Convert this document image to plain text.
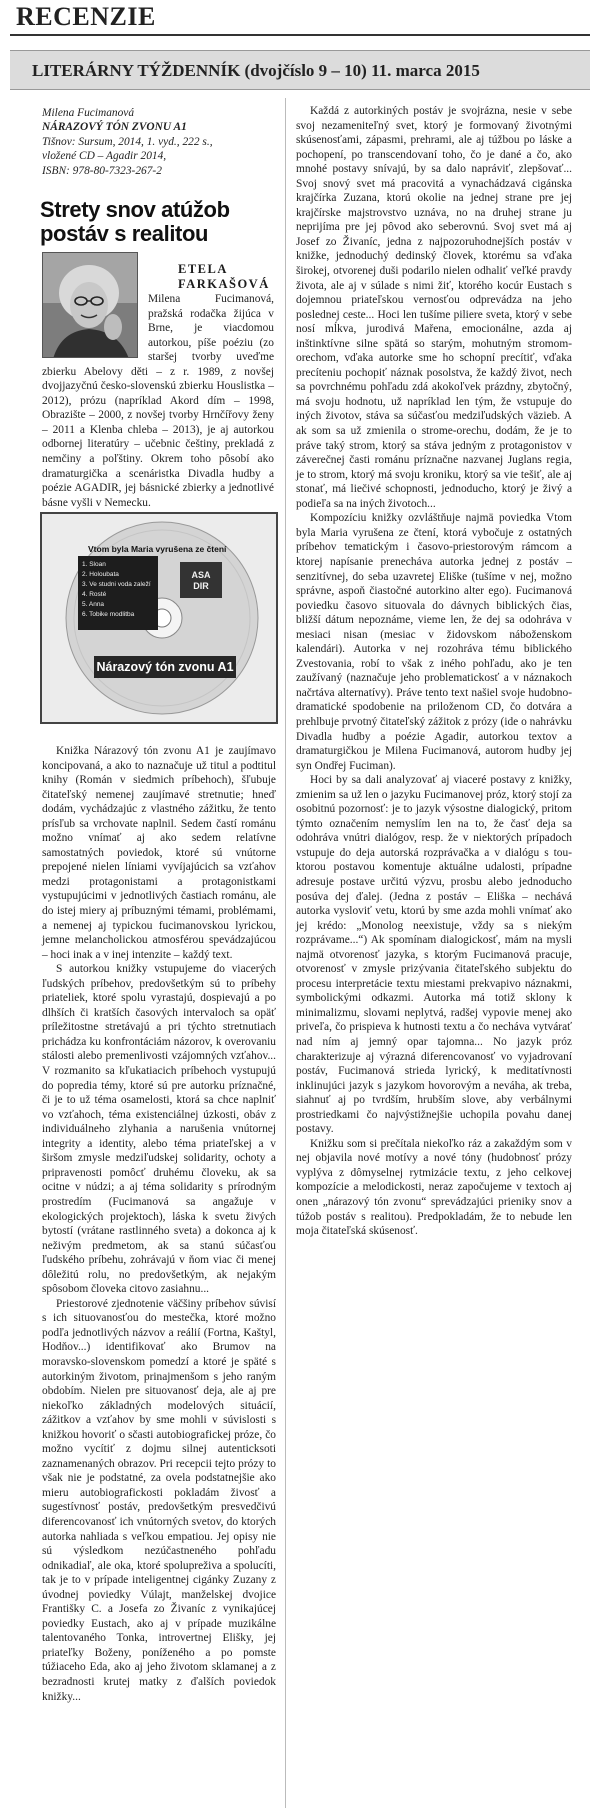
RECENZIE
LITERÁRNY TÝŽDENNÍK (dvojčíslo 9 – 10) 11. marca 2015
Milena Fucimanová
NÁRAZOVÝ TÓN ZVONU A1
Tišnov: Sursum, 2014, 1. vyd., 222 s.,
vložené CD – Agadir 2014,
ISBN: 978-80-7323-267-2
Strety snov atúžob postáv s realitou
ETELA
FARKAŠOVÁ

Milena Fucimanová, pražská rodačka žijúca v Brne, je viacdomou autorkou, píše poéziu (zo staršej tvorby uveďme zbierku Abelovy děti – z r. 1989, z novšej dvojjazyčnú česko-slovenskú zbierku Houslistka – 2012), prózu (napríklad Akord dím – 1998, Obrazište – 2000, z novšej tvorby Hrnčířovy ženy – 2011 a Klenba chleba – 2013), je aj autorkou odbornej literatúry – učebnic češtiny, prekladá z nemčiny a poľštiny. Okrem toho pôsobí ako dramaturgička a scenáristka Divadla hudby a poézie AGADIR, jej básnické zbierky a jednotlivé básne vyšli v Nemecku.

Vtom byla Maria vyrušena ze čtení
1. Sloan
2. Holoubata
3. Ve studni voda zaleží
4. Rosté
5. Anna
6. Tobike modlitba
ASA DIR
Nárazový tón zvonu A1

Knižka Nárazový tón zvonu A1 je zaujímavo koncipovaná, a ako to naznačuje už titul a podtitul knihy (Román v siedmich príbehoch), šľubuje čitateľský nemenej zaujímavé stretnutie; hneď dodám, vychádzajúc z vlastného zážitku, že tento prísľub sa vrchovate naplnil. Sedem častí románu možno vnímať aj ako sedem relatívne samostatných poviedok, ktoré sú vnútorne prepojené nielen líniami vyvíjajúcich sa vzťahov medzi protagonistami a protagonistkami vystupujúcimi v jednotlivých častiach románu, ale do istej miery aj príbuznými témami, problémami, a nemenej aj typickou fucimanovskou lyrickou, jemne melancholickou atmosférou spevádzajúcou – hoci inak a v inej intenzite – každý text.

S autorkou knižky vstupujeme do viacerých ľudských príbehov, predovšetkým sú to príbehy priateliek, ktoré spolu vyrastajú, dospievajú a po dlhších či kratších časových intervaloch sa opäť príležitostne stretávajú a pri týchto stretnutiach prichádza ku konfrontáciám názorov, k overovaniu stálosti alebo premenlivosti vzájomných vzťahov... V rozmanito sa kľukatiacich príbehoch vystupujú do popredia témy, ktoré sú pre autorku príznačné, či je to už téma osamelosti, ktorá sa chce naplniť vo vzťahoch, téma existenciálnej úzkosti, obáv z individuálneho zlyhania a narušenia vnútornej integrity a identity, alebo téma priateľskej a v širšom zmysle medziľudskej solidarity, ochoty a pripravenosti pomôcť druhému človeku, ak sa ocitne v núdzi; a aj téma solidarity s prírodným prostredím (Fucimanová sa angažuje v ekologických projektoch), láska k svetu živých bytostí (vrátane rastlinného sveta) a dokonca aj k neživým predmetom, ak sa stanú súčasťou ľudského príbehu, zohrávajú v ňom viac či menej dôležitú rolu, no predovšetkým, ak nejakým spôsobom človeka citovo zasiahnu...

Priestorové zjednotenie väčšiny príbehov súvisí s ich situovanosťou do mestečka, ktoré možno podľa jednotlivých názvov a reálií (Fortna, Kaštyl, Hodňov...) identifikovať ako Brumov na moravsko-slovenskom pomedzí a ktoré je späté s autorkiným životom, prinajmenšom s jeho raným obdobím. Nielen pre situovanosť deja, ale aj pre niekoľko základných modelových situácií, zážitkov a vzťahov by sme mohli v súvislosti s knižkou hovoriť o sčasti autobiografickej próze, čo možno vycítiť z dojmu silnej autenticksoti zaznamenaných obrazov. Pri recepcii tejto prózy to však nie je podstatné, za ovela podstatnejšie ako mieru autobiografickosti pokladám živosť a sugestívnosť postáv, predovšetkým presvedčivú diferencovanosť ich vnútorných svetov, do ktorých autorka nahliada s veľkou empatiou. Jej opisy nie sú výsledkom nezúčastneného pohľadu odnikadiaľ, ale oka, ktoré spolupreživa a spolucíti, tak je to v prípade inteligentnej cigánky Zuzany z úvodnej poviedky Vúlajt, manželskej dvojice Františky C. a Josefa zo Živaníc z vynikajúcej poviedky Eustach, ako aj v prípade muzikálne talentovaného Tonka, introvertnej Elišky, jej priateľky Boženy, poníženého a po pomste túžiaceho Eda, ako aj jeho životom sklamanej a z bezradnosti krutej matky z ďalších poviedok knižky...

Každá z autorkiných postáv je svojrázna, nesie v sebe svoj nezameniteľný svet, ktorý je formovaný životnými skúsenosťami, zápasmi, prehrami, ale aj túžbou po láske a pochopení, po transcendovaní toho, čo je dané a čo, ako mnohé postavy snívajú, by sa dalo napráviť, zlepšovať... Svoj snový svet má pracovitá a vynachádzavá cigánska krajčírka Zuzana, ktorú okolie na jednej strane pre jej krajčírske majstrovstvo uznáva, no na druhej strane ju neprijíma pre jej pôvod ako seberovnú. Svoj svet má aj Josef zo Živaníc, jedna z najpozoruhodnejších postáv v knižke, jednoduchý dedinský človek, ktorému sa vďaka širokej, otvorenej duši podarilo nielen odhaliť veľké pravdy života, ale aj v súlade s nimi žiť, ktorého kocúr Eustach s dojemnou priateľskou vernosťou odprevádza na jeho poslednej ceste... Hoci len tušíme piliere sveta, ktorý v sebe nosí mĺkva, jurodivá Mařena, emocionálne, azda aj inštinktívne silne spätá so starým, mohutným stromom-orechom, vďaka autorke sme ho schopní precítiť, vďaka precíteniu pochopiť náznak posolstva, že každý život, nech sa povrchnému pohľadu zdá akokoľvek prázdny, zbytočný, má svoju hodnotu, už napríklad len tým, že vstupuje do iných životov, stáva sa súčasťou medziľudských väzieb. A ak som sa už zmienila o strome-orechu, dodám, že je to práve taký strom, ktorý sa stáva jedným z protagonistov v záverečnej časti románu príznačne nazvanej Juglans regia, je to strom, ktorý má svoju kroniku, ktorý sa vie tešiť, ale aj stonať, má liečivé schopnosti, jednoducho, ktorý je živý a podieľa sa na iných životoch...

Kompozíciu knižky ozvláštňuje najmä poviedka Vtom byla Maria vyrušena ze čtení, ktorá vybočuje z ostatných príbehov tematickým i časovo-priestorovým rámcom a ktorej napísanie prenecháva autorka jednej z postáv – senzitívnej, do seba uzavretej Eliške (tušíme v nej, možno správne, aspoň čiastočné autorkino alter ego). Fucimanová poviedku časovo situovala do dávnych biblických čias, bližší dátum nepoznáme, vieme len, že dej sa odohráva v mesiaci nisan (mesiac v židovskom náboženskom kalendári). Autorka v nej rozohráva tému biblického Zvestovania, robí to však z iného pohľadu, ako je ten zaužívaný (naznačuje jeho problematickosť a v náznakoch načrtáva alternatívy). Práve tento text našiel svoje hudobno-dramatické spodobenie na priloženom CD, čo dotvára a prehlbuje prvotný čitateľský zážitok z prózy (ide o nahrávku Divadla hudby a poézie Agadir, autorkou textov a dramaturgičkou je Milena Fucimanová, autorom hudby jej syn Ondřej Fuciman).

Hoci by sa dali analyzovať aj viaceré postavy z knižky, zmienim sa už len o jazyku Fucimanovej próz, ktorý stojí za osobitnú pozornosť: je to jazyk výsostne dialogický, pritom týmto označením nemyslím len na to, že časť deja sa odohráva vnútri dialógov, resp. že v niektorých prípadoch vstupuje do deja autorská rozprávačka a v dialógu s tou-ktorou postavou komentuje aktuálne udalosti, prípadne adresuje postave určitú výzvu, prosbu alebo jednoducho posúva dej ďalej. (Jedna z postáv – Eliška – nechává autorka vysloviť vetu, ktorú by sme azda mohli vnímať ako jej krédo: „Monolog neexistuje, vždy sa s niekým rozprávame...“) Ak spomínam dialogickosť, mám na mysli najmä otvorenosť jazyka, s ktorým Fucimanová pracuje, otvorenosť v zmysle prizývania čitateľského subjektu do procesu interpretácie textu miestami prekvapivo náznakmi, symbolickými odkazmi. Autorka má totiž sklony k minimalizmu, slovami neplytvá, radšej vypovie menej ako priveľa, čo prispieva k hutnosti textu a čo necháva vytvárať nad ním aj jemný opar tajomna... No jazyk próz charakterizuje aj výrazná diferencovanosť vo vyjadrovaní postáv, Fucimanová strieda lyrický, k meditatívnosti inklinujúci jazyk s jazykom hovorovým a neváha, ak treba, siahnuť aj po tvrdším, hrubším slove, aby verbálnymi prostriedkami čo najvýstižnejšie uchopila povahu danej postavy.

Knižku som si prečítala niekoľko ráz a zakaždým som v nej objavila nové motívy a nové tóny (hudobnosť prózy vyplýva z dômyselnej rytmizácie textu, z jeho celkovej kompozície a melodickosti, neraz započujeme v textoch aj onen „nárazový tón zvonu“ sprevádzajúci prieniky snov a túžob postáv s realitou). Predpokladám, že to nebude len moja čitateľská skúsenosť.
